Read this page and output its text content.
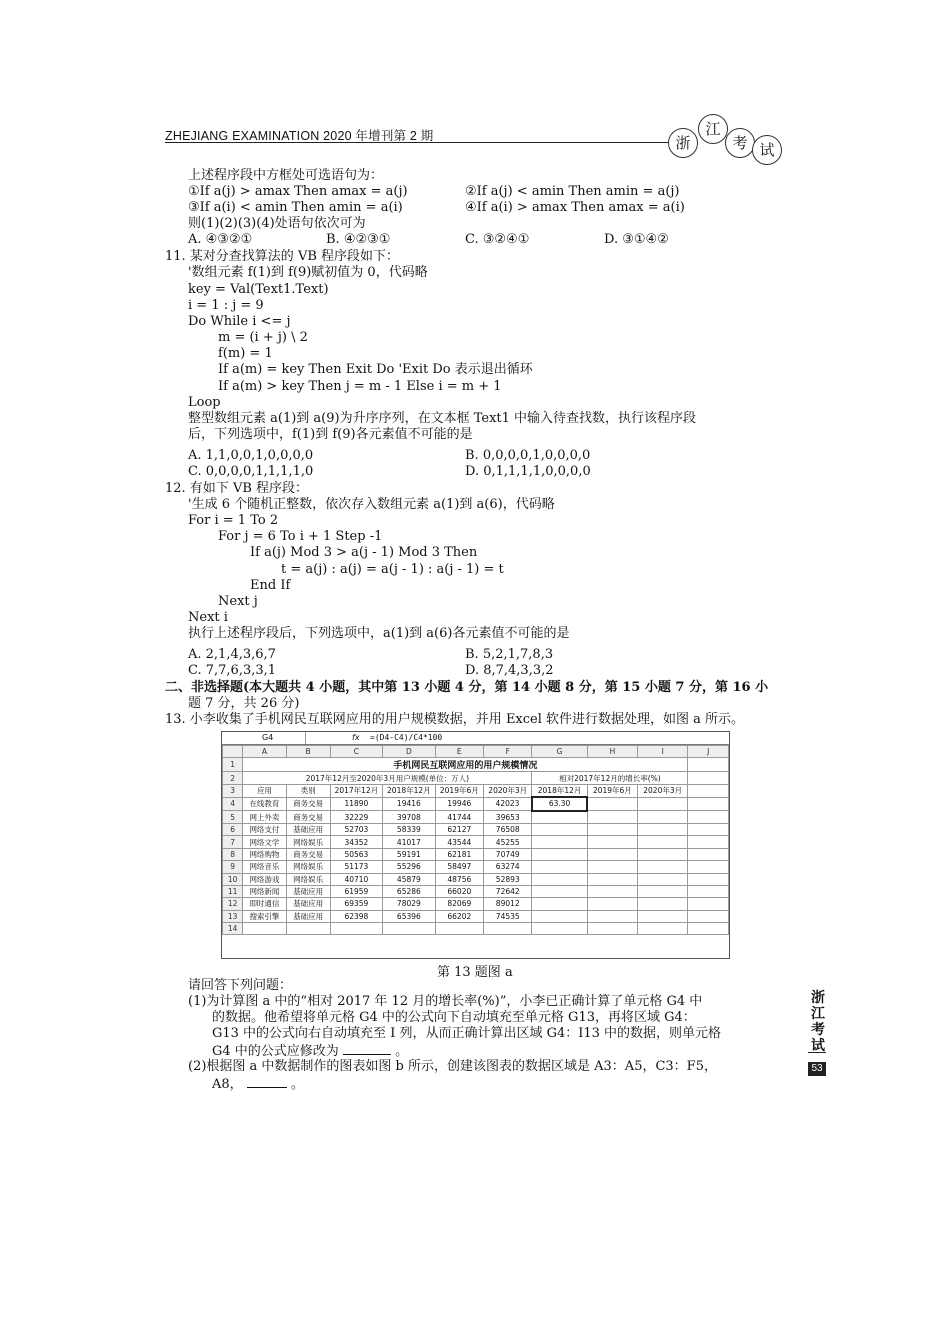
ZHEJIANG EXAMINATION 2020 年增刊第 2 期	浙
江
考 试
上述程序段中方框处可选语句为：
①If a(j) > amax Then amax = a(j)	②If a(j) < amin Then amin = a(j)
③If a(i) < amin Then amin = a(i)	④If a(i) > amax Then amax = a(i)
则(1)(2)(3)(4)处语句依次可为
A. ④③②①	B. ④②③①	C. ③②④①	D. ③①④②
11. 某对分查找算法的 VB 程序段如下：
'数组元素 f(1)到 f(9)赋初值为 0，代码略
key = Val(Text1.Text)
i = 1 : j = 9
Do While i <= j
m = (i + j) \ 2
f(m) = 1
If a(m) = key Then Exit Do 'Exit Do 表示退出循环
If a(m) > key Then j = m - 1 Else i = m + 1
Loop
整型数组元素 a(1)到 a(9)为升序序列，在文本框 Text1 中输入待查找数，执行该程序段
后，下列选项中，f(1)到 f(9)各元素值不可能的是
A. 1,1,0,0,1,0,0,0,0	B. 0,0,0,0,1,0,0,0,0
C. 0,0,0,0,1,1,1,1,0	D. 0,1,1,1,1,0,0,0,0
12. 有如下 VB 程序段：
'生成 6 个随机正整数，依次存入数组元素 a(1)到 a(6)，代码略
For i = 1 To 2
For j = 6 To i + 1 Step -1
If a(j) Mod 3 > a(j - 1) Mod 3 Then
t = a(j) : a(j) = a(j - 1) : a(j - 1) = t
End If
Next j
Next i
执行上述程序段后，下列选项中，a(1)到 a(6)各元素值不可能的是
A. 2,1,4,3,6,7	B. 5,2,1,7,8,3
C. 7,7,6,3,3,1	D. 8,7,4,3,3,2
二、非选择题(本大题共 4 小题，其中第 13 小题 4 分，第 14 小题 8 分，第 15 小题 7 分，第 16 小
题 7 分，共 26 分)
13. 小李收集了手机网民互联网应用的用户规模数据，并用 Excel 软件进行数据处理，如图 a 所示。
G4	fx =(D4-C4)/C4*100
	A	B	C	D	E	F	G	H	I	J
1	手机网民互联网应用的用户规模情况									
2	2017年12月至2020年3月用户规模(单位：万人)						相对2017年12月的增长率(%)			
3	应用	类别	2017年12月	2018年12月	2019年6月	2020年3月	2018年12月	2019年6月	2020年3月	
4	在线教育	商务交易	11890	19416	19946	42023	63.30			
5	网上外卖	商务交易	32229	39708	41744	39653				
6	网络支付	基础应用	52703	58339	62127	76508				
7	网络文学	网络娱乐	34352	41017	43544	45255				
8	网络购物	商务交易	50563	59191	62181	70749				
9	网络音乐	网络娱乐	51173	55296	58497	63274				
10	网络游戏	网络娱乐	40710	45879	48756	52893				
11	网络新闻	基础应用	61959	65286	66020	72642				
12	即时通信	基础应用	69359	78029	82069	89012				
13	搜索引擎	基础应用	62398	65396	66202	74535				
14										
第 13 题图 a
请回答下列问题：
(1)为计算图 a 中的“相对 2017 年 12 月的增长率(%)”，小李已正确计算了单元格 G4 中
的数据。他希望将单元格 G4 中的公式向下自动填充至单元格 G13，再将区域 G4：
G13 中的公式向右自动填充至 I 列，从而正确计算出区域 G4：I13 中的数据，则单元格
G4 中的公式应修改为	。
(2)根据图 a 中数据制作的图表如图 b 所示，创建该图表的数据区域是 A3：A5，C3：F5，
A8，	。
浙江考试
53
